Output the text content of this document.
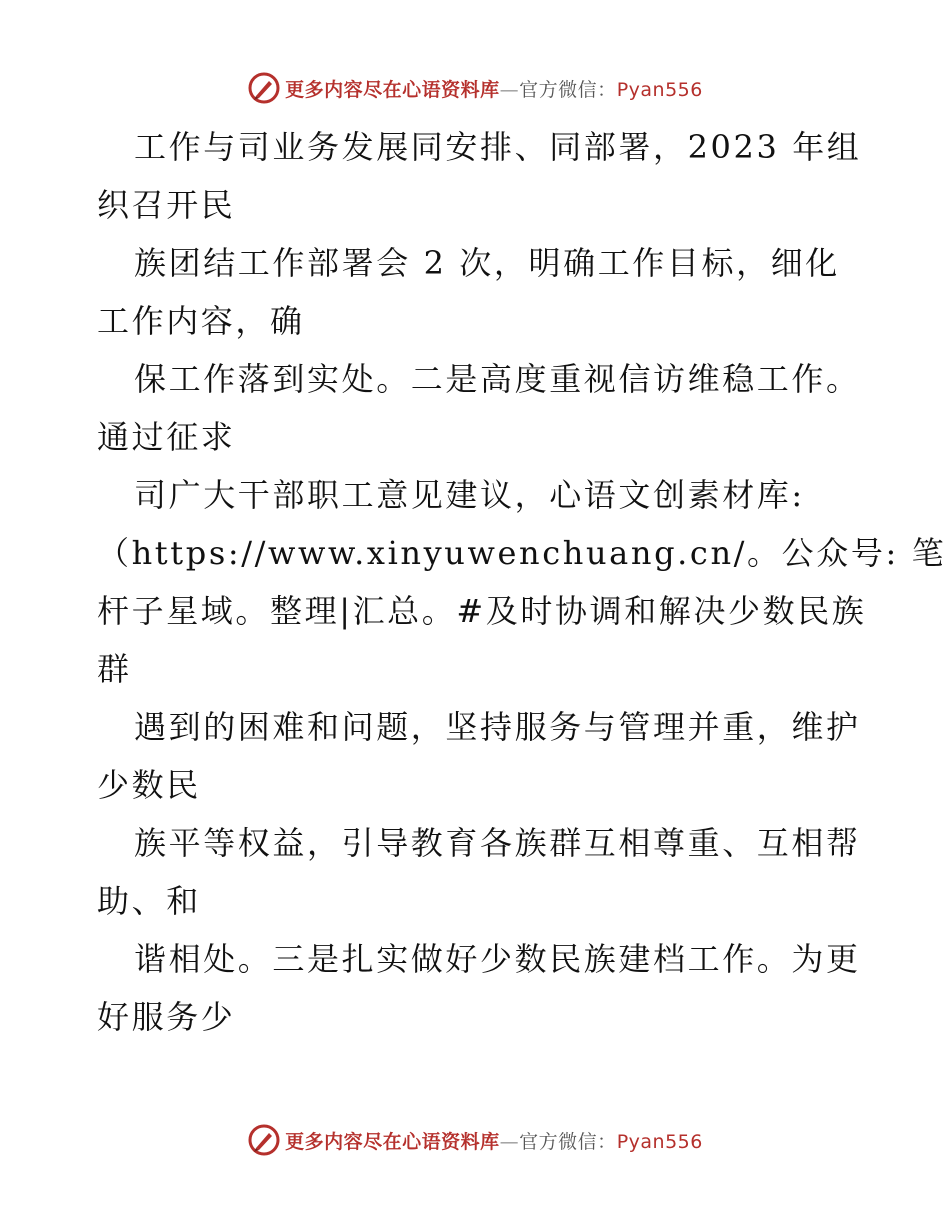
更多内容尽在心语资料库—官方微信：Pyan556
工作与司业务发展同安排、同部署，2023 年组
织召开民
族团结工作部署会 2 次，明确工作目标，细化
工作内容，确
保工作落到实处。二是高度重视信访维稳工作。
通过征求
司广大干部职工意见建议，心语文创素材库:
（https://www.xinyuwenchuang.cn/。公众号: 笔
杆子星域。整理|汇总。#及时协调和解决少数民族
群
遇到的困难和问题，坚持服务与管理并重，维护
少数民
族平等权益，引导教育各族群互相尊重、互相帮
助、和
谐相处。三是扎实做好少数民族建档工作。为更
好服务少
更多内容尽在心语资料库—官方微信：Pyan556
